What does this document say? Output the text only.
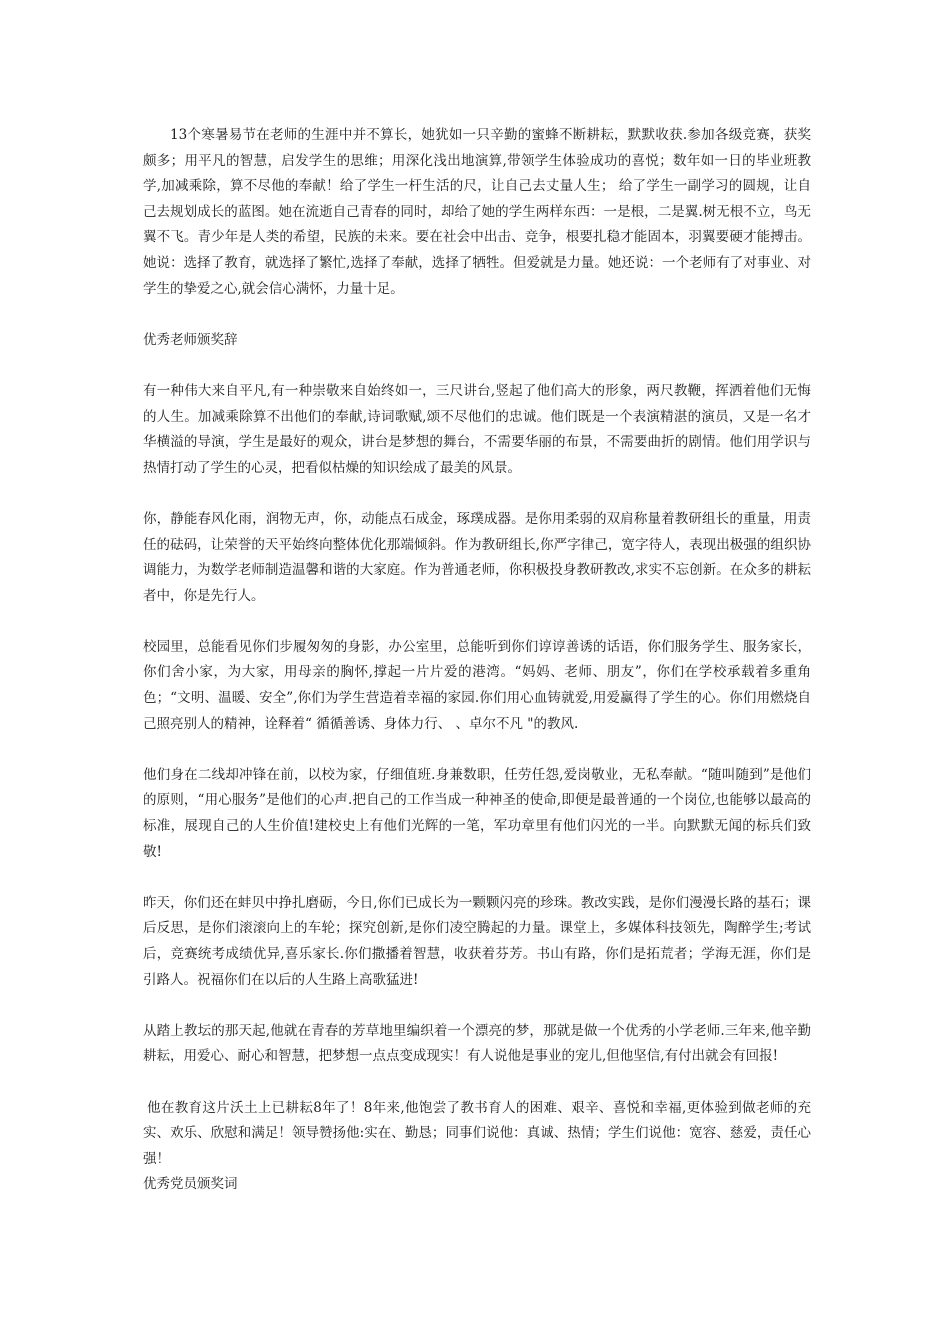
13个寒暑易节在老师的生涯中并不算长，她犹如一只辛勤的蜜蜂不断耕耘，默默收获.参加各级竞赛，获奖颇多；用平凡的智慧，启发学生的思维；用深化浅出地演算,带领学生体验成功的喜悦；数年如一日的毕业班教学,加减乘除，算不尽他的奉献！给了学生一杆生活的尺，让自己去丈量人生； 给了学生一副学习的圆规，让自己去规划成长的蓝图。她在流逝自己青春的同时，却给了她的学生两样东西：一是根，二是翼.树无根不立，鸟无翼不飞。青少年是人类的希望，民族的未来。要在社会中出击、竞争，根要扎稳才能固本，羽翼要硬才能搏击。她说：选择了教育，就选择了繁忙,选择了奉献，选择了牺牲。但爱就是力量。她还说：一个老师有了对事业、对学生的挚爱之心,就会信心满怀，力量十足。

优秀老师颁奖辞

有一种伟大来自平凡,有一种崇敬来自始终如一，三尺讲台,竖起了他们高大的形象，两尺教鞭，挥洒着他们无悔的人生。加减乘除算不出他们的奉献,诗词歌赋,颂不尽他们的忠诚。他们既是一个表演精湛的演员，又是一名才华横溢的导演，学生是最好的观众，讲台是梦想的舞台，不需要华丽的布景，不需要曲折的剧情。他们用学识与热情打动了学生的心灵，把看似枯燥的知识绘成了最美的风景。

你，静能春风化雨，润物无声，你，动能点石成金，琢璞成器。是你用柔弱的双肩称量着教研组长的重量，用责任的砝码，让荣誉的天平始终向整体优化那端倾斜。作为教研组长,你严字律己，宽字待人，表现出极强的组织协调能力，为数学老师制造温馨和谐的大家庭。作为普通老师，你积极投身教研教改,求实不忘创新。在众多的耕耘者中，你是先行人。

校园里，总能看见你们步履匆匆的身影，办公室里，总能听到你们谆谆善诱的话语，你们服务学生、服务家长，你们舍小家，为大家，用母亲的胸怀,撑起一片片爱的港湾。“妈妈、老师、朋友”，你们在学校承载着多重角色；“文明、温暖、安全”,你们为学生营造着幸福的家园.你们用心血铸就爱,用爱赢得了学生的心。你们用燃烧自己照亮别人的精神，诠释着“ 循循善诱、身体力行、 、卓尔不凡 "的教风.

他们身在二线却冲锋在前，以校为家，仔细值班.身兼数职，任劳任怨,爱岗敬业，无私奉献。“随叫随到”是他们的原则，“用心服务”是他们的心声.把自己的工作当成一种神圣的使命,即便是最普通的一个岗位,也能够以最高的标准，展现自己的人生价值!建校史上有他们光辉的一笔，军功章里有他们闪光的一半。向默默无闻的标兵们致敬!

昨天，你们还在蚌贝中挣扎磨砺，今日,你们已成长为一颗颗闪亮的珍珠。教改实践，是你们漫漫长路的基石；课后反思，是你们滚滚向上的车轮；探究创新,是你们凌空腾起的力量。课堂上，多媒体科技领先，陶醉学生;考试后，竞赛统考成绩优异,喜乐家长.你们撒播着智慧，收获着芬芳。书山有路，你们是拓荒者；学海无涯，你们是引路人。祝福你们在以后的人生路上高歌猛进!

从踏上教坛的那天起,他就在青春的芳草地里编织着一个漂亮的梦，那就是做一个优秀的小学老师.三年来,他辛勤耕耘，用爱心、耐心和智慧，把梦想一点点变成现实！有人说他是事业的宠儿,但他坚信,有付出就会有回报!

他在教育这片沃土上已耕耘8年了！8年来,他饱尝了教书育人的困难、艰辛、喜悦和幸福,更体验到做老师的充实、欢乐、欣慰和满足！领导赞扬他:实在、勤恳；同事们说他：真诚、热情；学生们说他：宽容、慈爱，责任心强！

优秀党员颁奖词
